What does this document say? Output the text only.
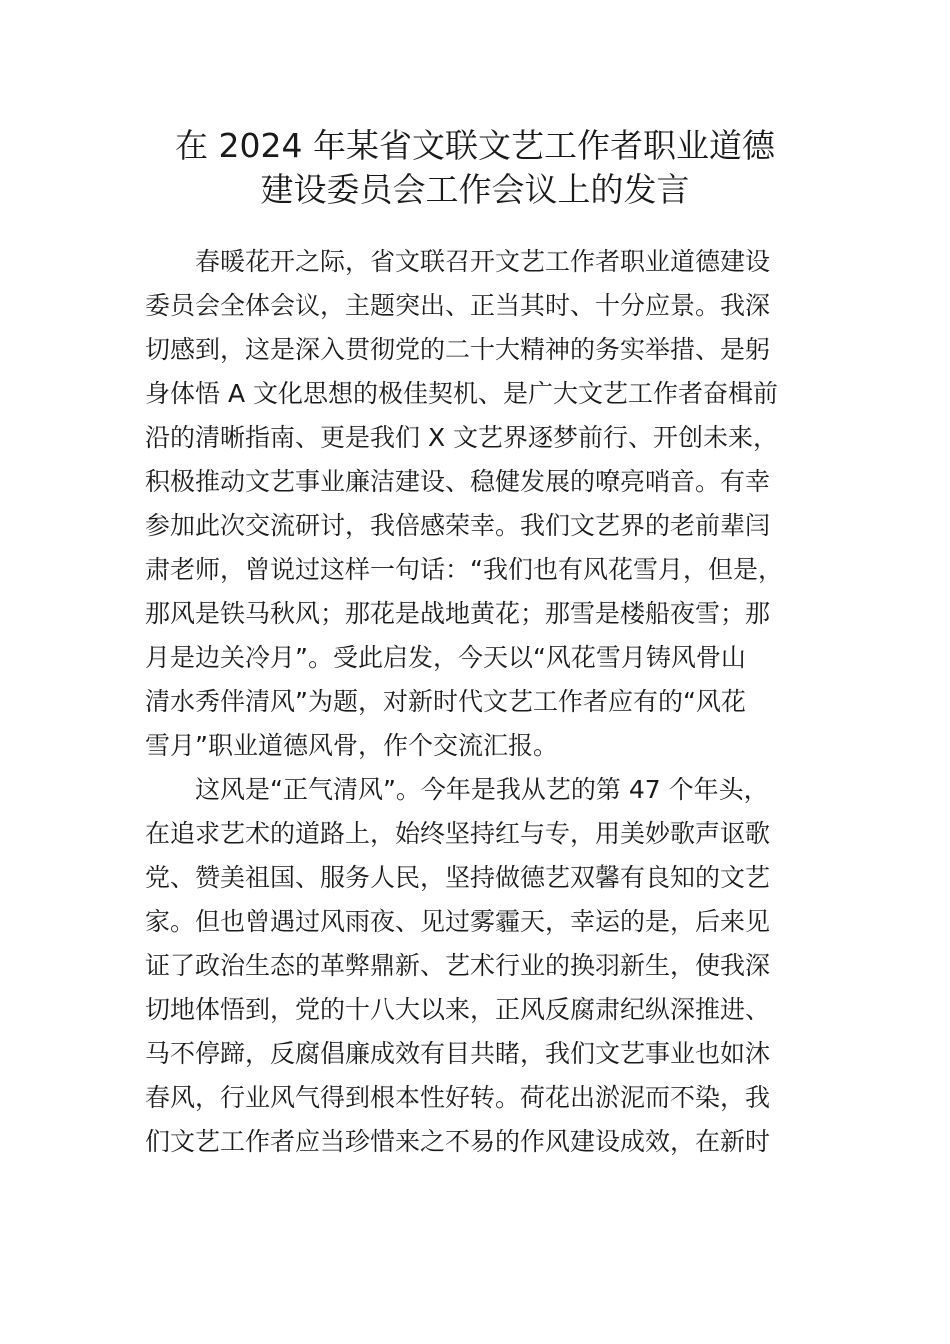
在 2024 年某省文联文艺工作者职业道德
建设委员会工作会议上的发言

春暖花开之际，省文联召开文艺工作者职业道德建设

委员会全体会议，主题突出、正当其时、十分应景。我深

切感到，这是深入贯彻党的二十大精神的务实举措、是躬

身体悟 A 文化思想的极佳契机、是广大文艺工作者奋楫前

沿的清晰指南、更是我们 X 文艺界逐梦前行、开创未来，

积极推动文艺事业廉洁建设、稳健发展的嘹亮哨音。有幸

参加此次交流研讨，我倍感荣幸。我们文艺界的老前辈闫

肃老师，曾说过这样一句话：“我们也有风花雪月，但是，

那风是铁马秋风；那花是战地黄花；那雪是楼船夜雪；那

月是边关冷月”。受此启发，今天以“风花雪月铸风骨山

清水秀伴清风”为题，对新时代文艺工作者应有的“风花

雪月”职业道德风骨，作个交流汇报。

这风是“正气清风”。今年是我从艺的第 47 个年头，

在追求艺术的道路上，始终坚持红与专，用美妙歌声讴歌

党、赞美祖国、服务人民，坚持做德艺双馨有良知的文艺

家。但也曾遇过风雨夜、见过雾霾天，幸运的是，后来见

证了政治生态的革弊鼎新、艺术行业的换羽新生，使我深

切地体悟到，党的十八大以来，正风反腐肃纪纵深推进、

马不停蹄，反腐倡廉成效有目共睹，我们文艺事业也如沐

春风，行业风气得到根本性好转。荷花出淤泥而不染，我

们文艺工作者应当珍惜来之不易的作风建设成效，在新时
